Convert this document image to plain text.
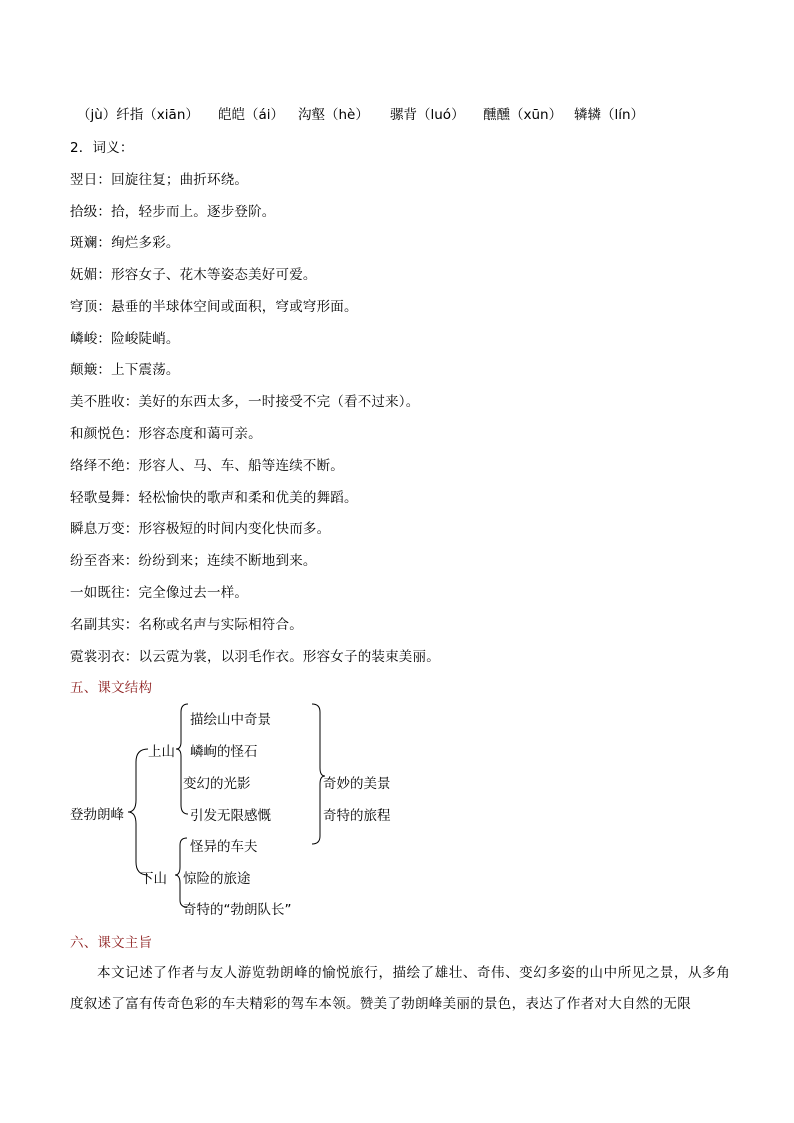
（jù）纤指（xiān） 皑皑（ái） 沟壑（hè） 骡背（luó） 醺醺（xūn） 辚辚（lín）
2．词义：
翌日：回旋往复；曲折环绕。
拾级：拾，轻步而上。逐步登阶。
斑斓：绚烂多彩。
妩媚：形容女子、花木等姿态美好可爱。
穹顶：悬垂的半球体空间或面积，穹或穹形面。
嶙峻：险峻陡峭。
颠簸：上下震荡。
美不胜收：美好的东西太多，一时接受不完（看不过来）。
和颜悦色：形容态度和蔼可亲。
络绎不绝：形容人、马、车、船等连续不断。
轻歌曼舞：轻松愉快的歌声和柔和优美的舞蹈。
瞬息万变：形容极短的时间内变化快而多。
纷至沓来：纷纷到来；连续不断地到来。
一如既往：完全像过去一样。
名副其实：名称或名声与实际相符合。
霓裳羽衣：以云霓为裳，以羽毛作衣。形容女子的装束美丽。
五、课文结构
登勃朗峰
上山
描绘山中奇景
嶙峋的怪石
变幻的光影
引发无限感慨
下山
怪异的车夫
惊险的旅途
奇特的“勃朗队长”
奇妙的美景
奇特的旅程
六、课文主旨
本文记述了作者与友人游览勃朗峰的愉悦旅行，描绘了雄壮、奇伟、变幻多姿的山中所见之景，从多角度叙述了富有传奇色彩的车夫精彩的驾车本领。赞美了勃朗峰美丽的景色，表达了作者对大自然的无限
